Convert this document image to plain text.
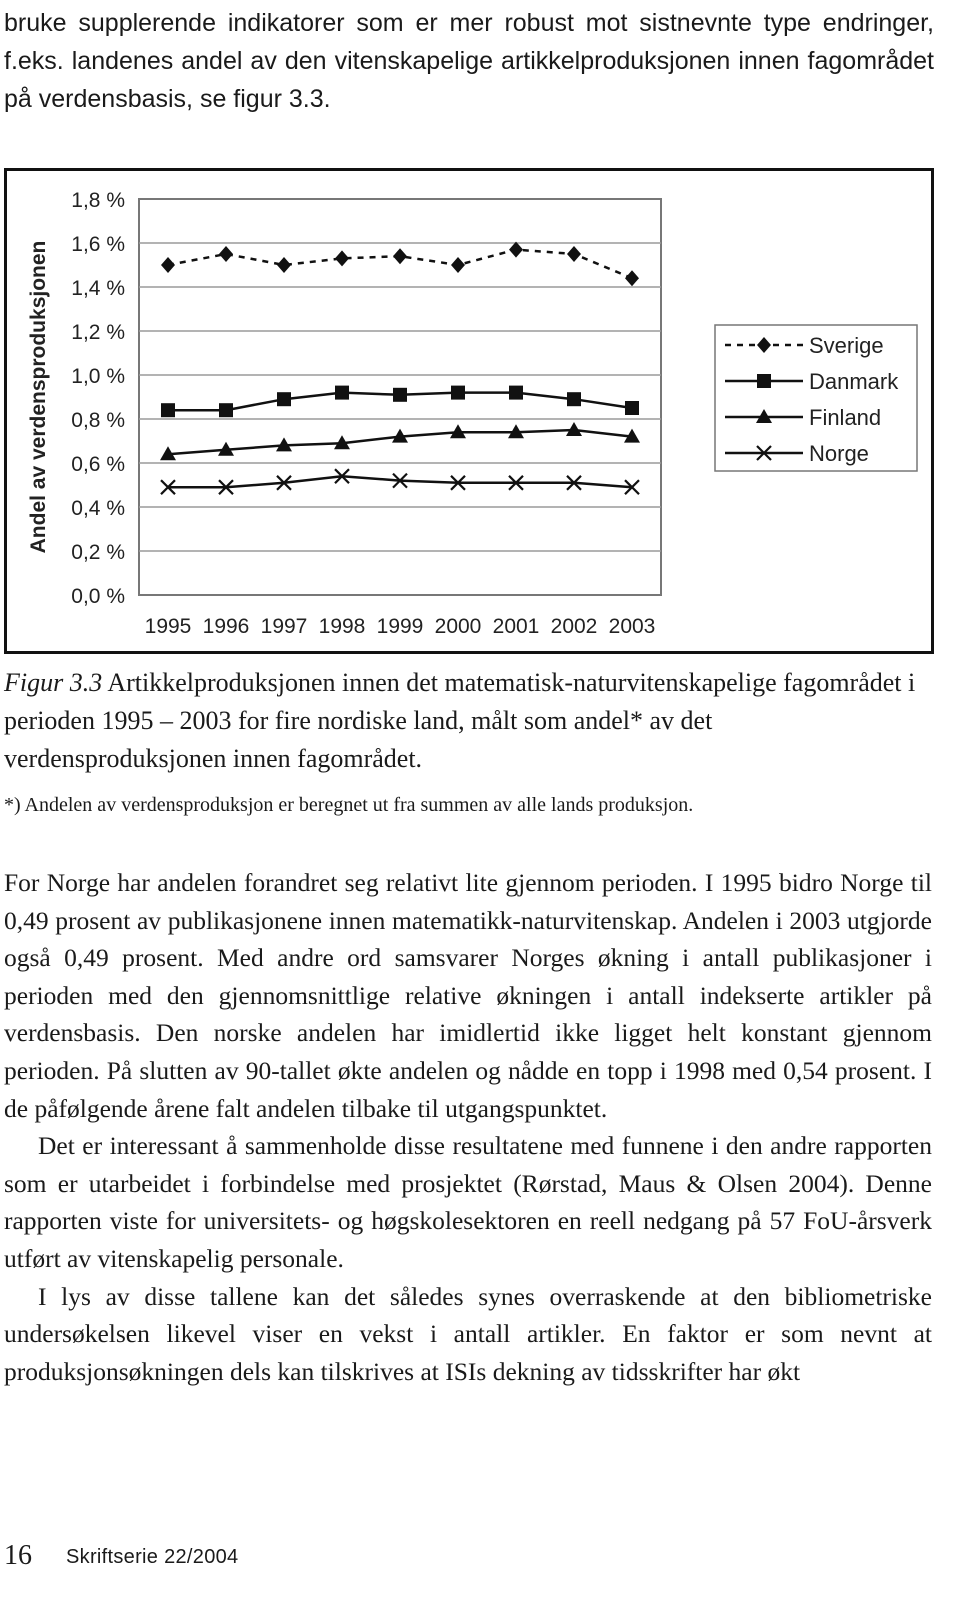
bruke supplerende indikatorer som er mer robust mot sistnevnte type endringer, f.eks. landenes andel av den vitenskapelige artikkelproduksjonen innen fagområdet på verdensbasis, se figur 3.3.

0,0 %
0,2 %
0,4 %
0,6 %
0,8 %
1,0 %
1,2 %
1,4 %
1,6 %
1,8 %
1995 1996 1997 1998 1999 2000 2001 2002 2003
Andel av verdensproduksjonen	Sverige
Danmark
Finland
Norge

Figur 3.3 Artikkelproduksjonen innen det matematisk-naturvitenskapelige fagområdet i perioden 1995 – 2003 for fire nordiske land, målt som andel* av det verdensproduksjonen innen fagområdet.

*) Andelen av verdensproduksjon er beregnet ut fra summen av alle lands produksjon.

For Norge har andelen forandret seg relativt lite gjennom perioden. I 1995 bidro Norge til 0,49 prosent av publikasjonene innen matematikk-naturvitenskap. Andelen i 2003 utgjorde også 0,49 prosent. Med andre ord samsvarer Norges økning i antall publikasjoner i perioden med den gjennomsnittlige relative økningen i antall indekserte artikler på verdensbasis. Den norske andelen har imidlertid ikke ligget helt konstant gjennom perioden. På slutten av 90-tallet økte andelen og nådde en topp i 1998 med 0,54 prosent. I de påfølgende årene falt andelen tilbake til utgangspunktet.

Det er interessant å sammenholde disse resultatene med funnene i den andre rapporten som er utarbeidet i forbindelse med prosjektet (Rørstad, Maus & Olsen 2004). Denne rapporten viste for universitets- og høgskolesektoren en reell nedgang på 57 FoU-årsverk utført av vitenskapelig personale.

I lys av disse tallene kan det således synes overraskende at den bibliometriske undersøkelsen likevel viser en vekst i antall artikler. En faktor er som nevnt at produksjonsøkningen dels kan tilskrives at ISIs dekning av tidsskrifter har økt

16 Skriftserie 22/2004
